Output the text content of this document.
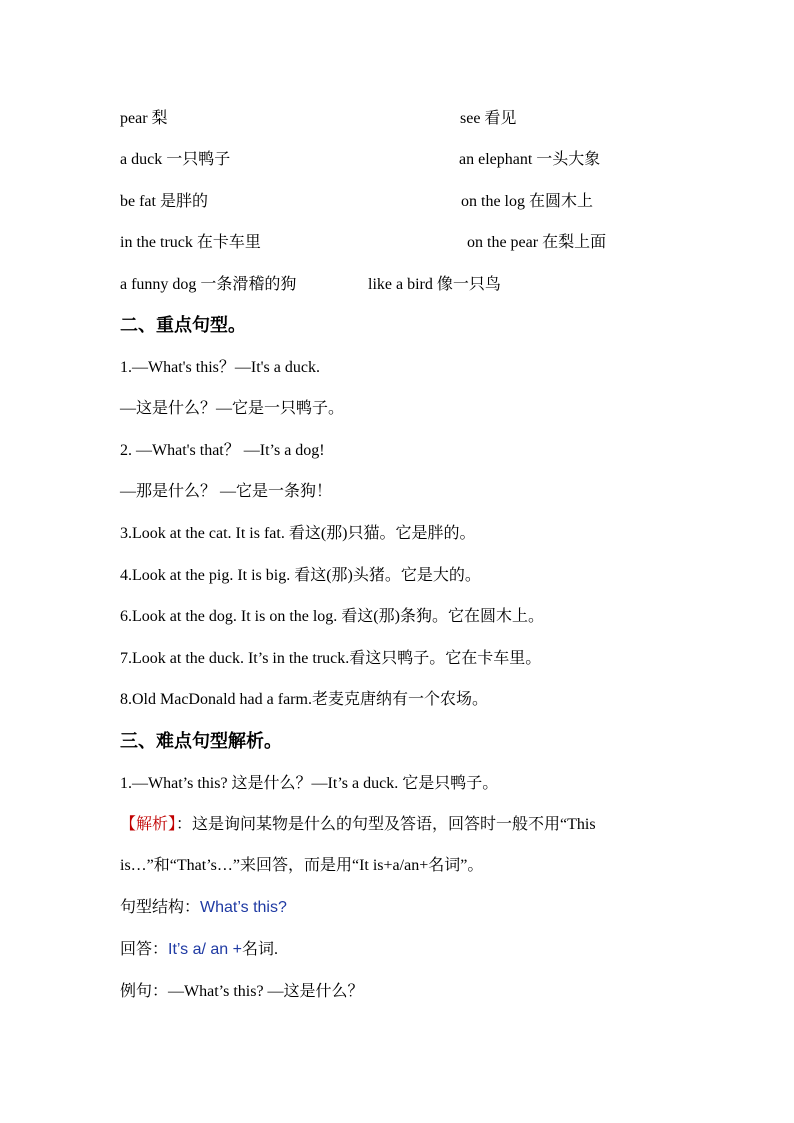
pear 梨	see 看见
a duck 一只鸭子	an elephant 一头大象
be fat 是胖的	on the log 在圆木上
in the truck 在卡车里	on the pear 在梨上面
a funny dog 一条滑稽的狗	like a bird 像一只鸟
二、重点句型。
1.—What's this？—It's a duck.
—这是什么？—它是一只鸭子。
2. —What's that？ —It’s a dog!
—那是什么？ —它是一条狗！
3.Look at the cat. It is fat. 看这(那)只猫。它是胖的。
4.Look at the pig. It is big. 看这(那)头猪。它是大的。
6.Look at the dog. It is on the log. 看这(那)条狗。它在圆木上。
7.Look at the duck. It’s in the truck.看这只鸭子。它在卡车里。
8.Old MacDonald had a farm.老麦克唐纳有一个农场。
三、难点句型解析。
1.—What’s this? 这是什么？—It’s a duck. 它是只鸭子。
【解析】：这是询问某物是什么的句型及答语，回答时一般不用“This
is…”和“That’s…”来回答，而是用“It is+a/an+名词”。
句型结构：What’s this?
回答：It’s a/ an +名词.
例句：—What’s this? —这是什么？
